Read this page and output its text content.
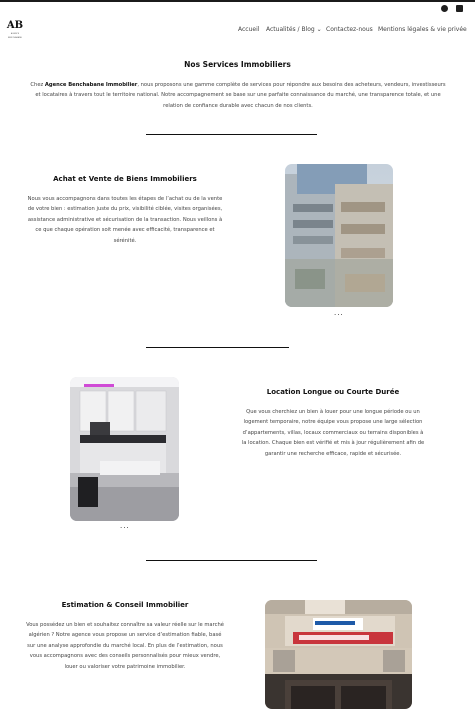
AB
AGENCE BENCHABANE
Accueil Actualités / Blog ⌄ Contactez-nous Mentions légales & vie privée
Nos Services Immobiliers
Chez Agence Benchabane Immobilier, nous proposons une gamme complète de services pour répondre aux besoins des acheteurs, vendeurs, investisseurs et locataires à travers tout le territoire national. Notre accompagnement se base sur une parfaite connaissance du marché, une transparence totale, et une relation de confiance durable avec chacun de nos clients.
Achat et Vente de Biens Immobiliers
Nous vous accompagnons dans toutes les étapes de l’achat ou de la vente de votre bien : estimation juste du prix, visibilité ciblée, visites organisées, assistance administrative et sécurisation de la transaction. Nous veillons à ce que chaque opération soit menée avec efficacité, transparence et sérénité.
...
...
Location Longue ou Courte Durée
Que vous cherchiez un bien à louer pour une longue période ou un logement temporaire, notre équipe vous propose une large sélection d’appartements, villas, locaux commerciaux ou terrains disponibles à la location. Chaque bien est vérifié et mis à jour régulièrement afin de garantir une recherche efficace, rapide et sécurisée.
Estimation & Conseil Immobilier
Vous possédez un bien et souhaitez connaître sa valeur réelle sur le marché algérien ? Notre agence vous propose un service d’estimation fiable, basé sur une analyse approfondie du marché local. En plus de l’estimation, nous vous accompagnons avec des conseils personnalisés pour mieux vendre, louer ou valoriser votre patrimoine immobilier.
